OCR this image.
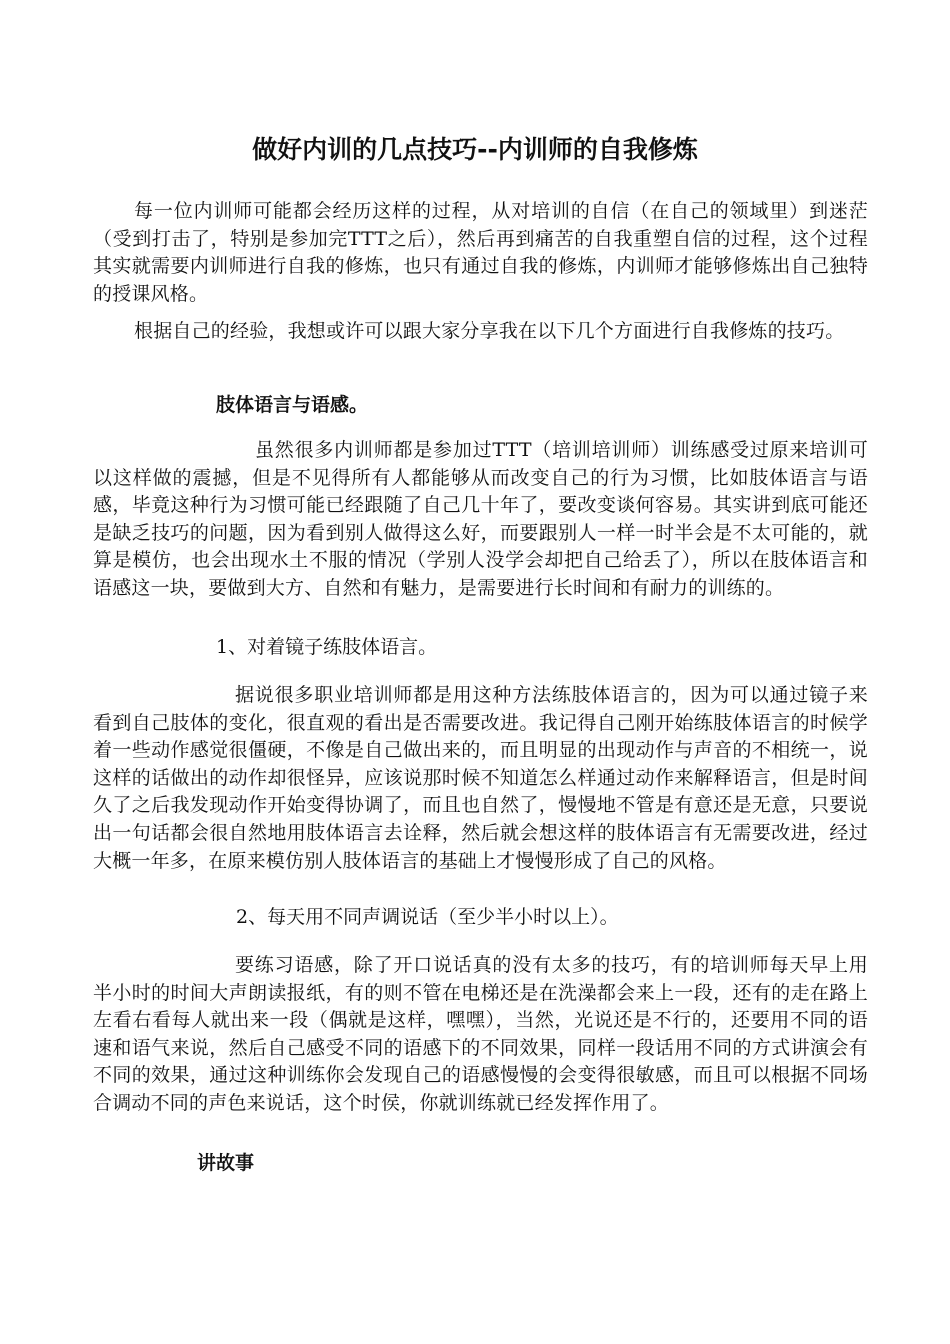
做好内训的几点技巧--内训师的自我修炼

每一位内训师可能都会经历这样的过程，从对培训的自信（在自己的领域里）到迷茫（受到打击了，特别是参加完TTT之后），然后再到痛苦的自我重塑自信的过程，这个过程其实就需要内训师进行自我的修炼，也只有通过自我的修炼，内训师才能够修炼出自己独特的授课风格。

根据自己的经验，我想或许可以跟大家分享我在以下几个方面进行自我修炼的技巧。

肢体语言与语感。

虽然很多内训师都是参加过TTT（培训培训师）训练感受过原来培训可以这样做的震撼，但是不见得所有人都能够从而改变自己的行为习惯，比如肢体语言与语感，毕竟这种行为习惯可能已经跟随了自己几十年了，要改变谈何容易。其实讲到底可能还是缺乏技巧的问题，因为看到别人做得这么好，而要跟别人一样一时半会是不太可能的，就算是模仿，也会出现水土不服的情况（学别人没学会却把自己给丢了），所以在肢体语言和语感这一块，要做到大方、自然和有魅力，是需要进行长时间和有耐力的训练的。

1、对着镜子练肢体语言。

据说很多职业培训师都是用这种方法练肢体语言的，因为可以通过镜子来看到自己肢体的变化，很直观的看出是否需要改进。我记得自己刚开始练肢体语言的时候学着一些动作感觉很僵硬，不像是自己做出来的，而且明显的出现动作与声音的不相统一，说这样的话做出的动作却很怪异，应该说那时候不知道怎么样通过动作来解释语言，但是时间久了之后我发现动作开始变得协调了，而且也自然了，慢慢地不管是有意还是无意，只要说出一句话都会很自然地用肢体语言去诠释，然后就会想这样的肢体语言有无需要改进，经过大概一年多，在原来模仿别人肢体语言的基础上才慢慢形成了自己的风格。

2、每天用不同声调说话（至少半小时以上）。

要练习语感，除了开口说话真的没有太多的技巧，有的培训师每天早上用半小时的时间大声朗读报纸，有的则不管在电梯还是在洗澡都会来上一段，还有的走在路上左看右看每人就出来一段（偶就是这样，嘿嘿），当然，光说还是不行的，还要用不同的语速和语气来说，然后自己感受不同的语感下的不同效果，同样一段话用不同的方式讲演会有不同的效果，通过这种训练你会发现自己的语感慢慢的会变得很敏感，而且可以根据不同场合调动不同的声色来说话，这个时侯，你就训练就已经发挥作用了。

讲故事
